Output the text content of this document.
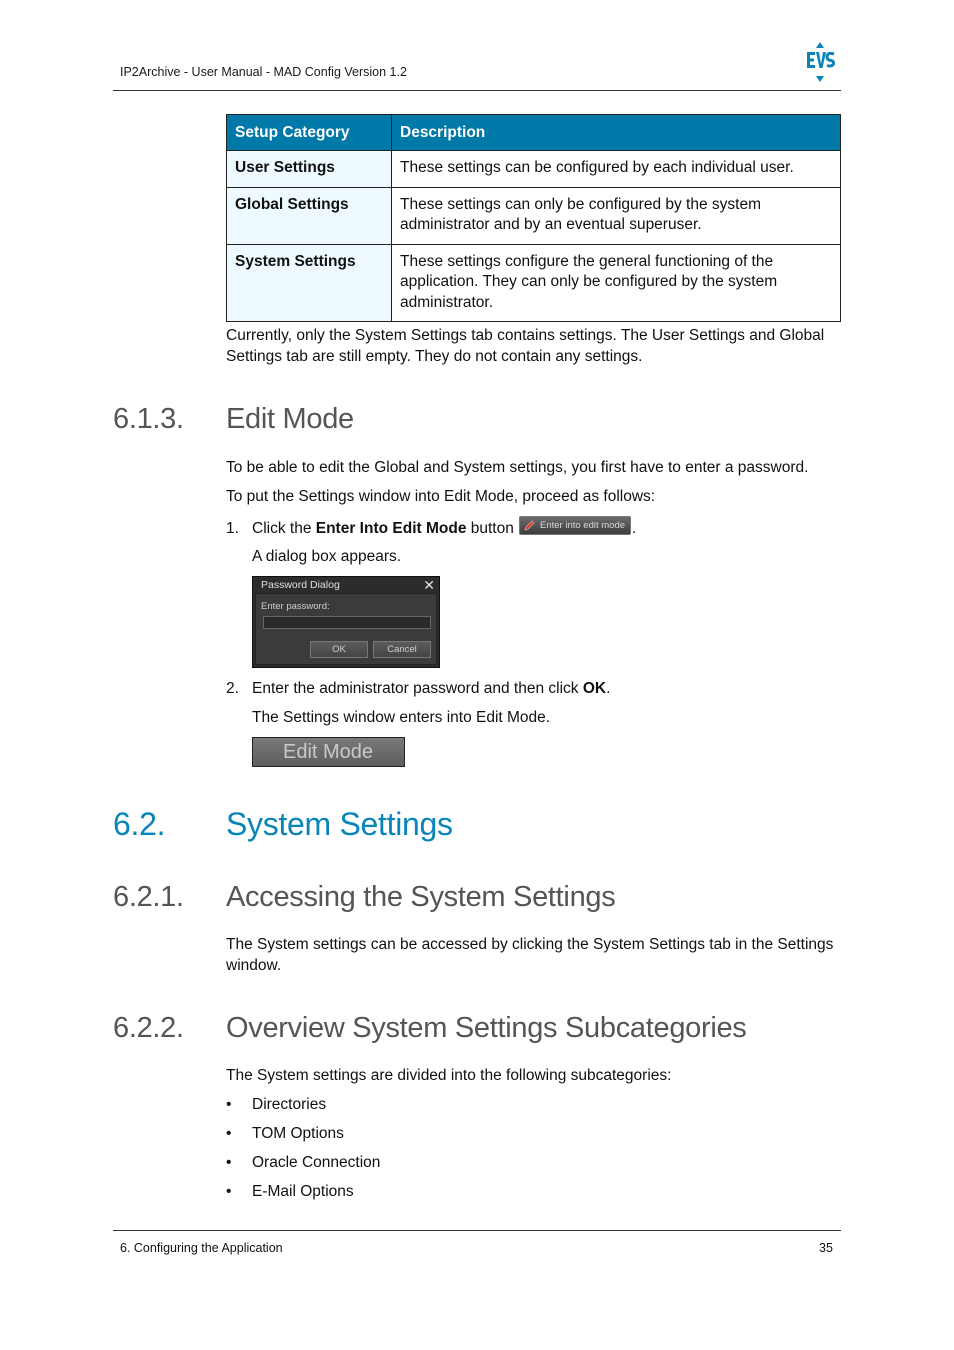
IP2Archive - User Manual - MAD Config Version 1.2
Setup Category	Description
User Settings	These settings can be configured by each individual user.
Global Settings	These settings can only be configured by the system administrator and by an eventual superuser.
System Settings	These settings configure the general functioning of the application. They can only be configured by the system administrator.
Currently, only the System Settings tab contains settings. The User Settings and Global Settings tab are still empty. They do not contain any settings.
6.1.3. Edit Mode
To be able to edit the Global and System settings, you first have to enter a password.
To put the Settings window into Edit Mode, proceed as follows:
1. Click the Enter Into Edit Mode button	Enter into edit mode .
A dialog box appears.
Password Dialog	✕
Enter password:
OK	Cancel
2. Enter the administrator password and then click OK.
The Settings window enters into Edit Mode.
Edit Mode
6.2. System Settings
6.2.1. Accessing the System Settings
The System settings can be accessed by clicking the System Settings tab in the Settings window.
6.2.2. Overview System Settings Subcategories
The System settings are divided into the following subcategories:
• Directories
• TOM Options
• Oracle Connection
• E-Mail Options
6. Configuring the Application	35
